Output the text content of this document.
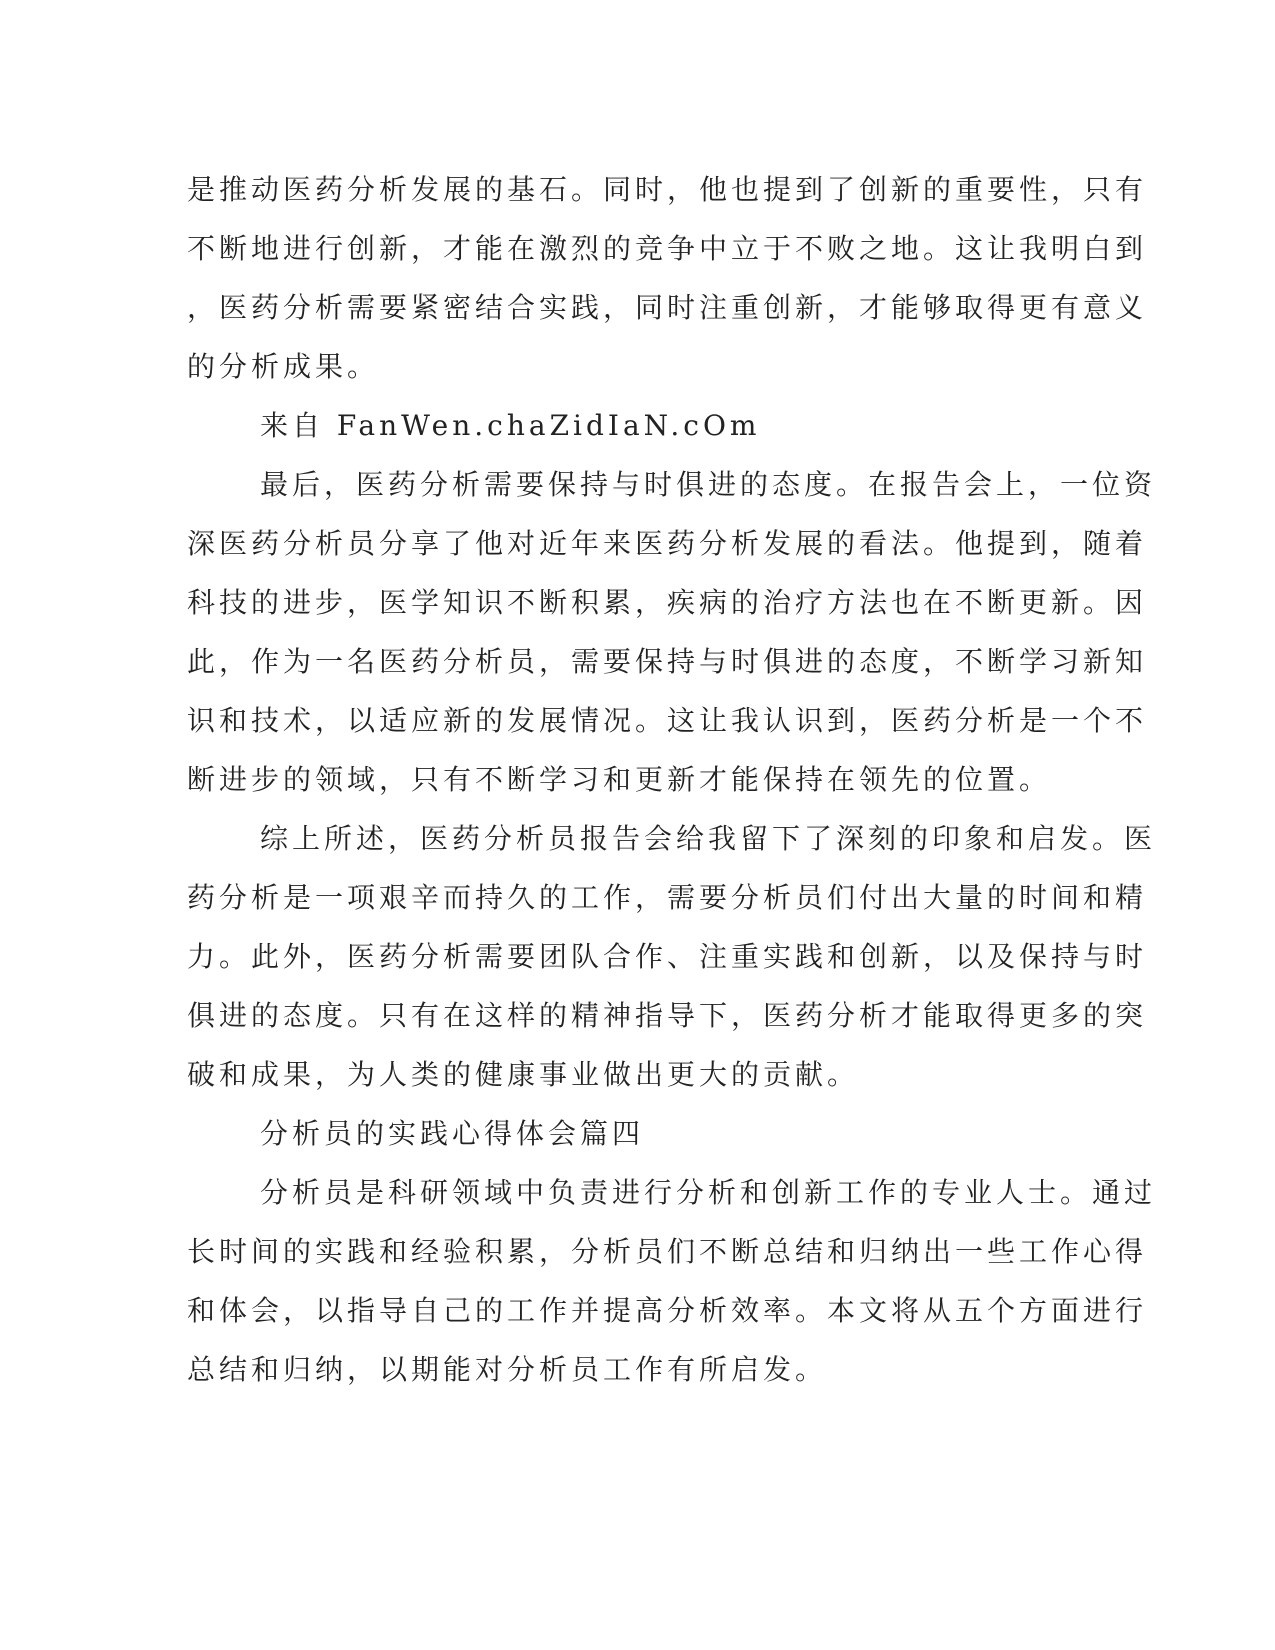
是推动医药分析发展的基石。同时，他也提到了创新的重要性，只有
不断地进行创新，才能在激烈的竞争中立于不败之地。这让我明白到
，医药分析需要紧密结合实践，同时注重创新，才能够取得更有意义
的分析成果。
来自 FanWen.chaZidIaN.cOm
最后，医药分析需要保持与时俱进的态度。在报告会上，一位资
深医药分析员分享了他对近年来医药分析发展的看法。他提到，随着
科技的进步，医学知识不断积累，疾病的治疗方法也在不断更新。因
此，作为一名医药分析员，需要保持与时俱进的态度，不断学习新知
识和技术，以适应新的发展情况。这让我认识到，医药分析是一个不
断进步的领域，只有不断学习和更新才能保持在领先的位置。
综上所述，医药分析员报告会给我留下了深刻的印象和启发。医
药分析是一项艰辛而持久的工作，需要分析员们付出大量的时间和精
力。此外，医药分析需要团队合作、注重实践和创新，以及保持与时
俱进的态度。只有在这样的精神指导下，医药分析才能取得更多的突
破和成果，为人类的健康事业做出更大的贡献。
分析员的实践心得体会篇四
分析员是科研领域中负责进行分析和创新工作的专业人士。通过
长时间的实践和经验积累，分析员们不断总结和归纳出一些工作心得
和体会，以指导自己的工作并提高分析效率。本文将从五个方面进行
总结和归纳，以期能对分析员工作有所启发。
